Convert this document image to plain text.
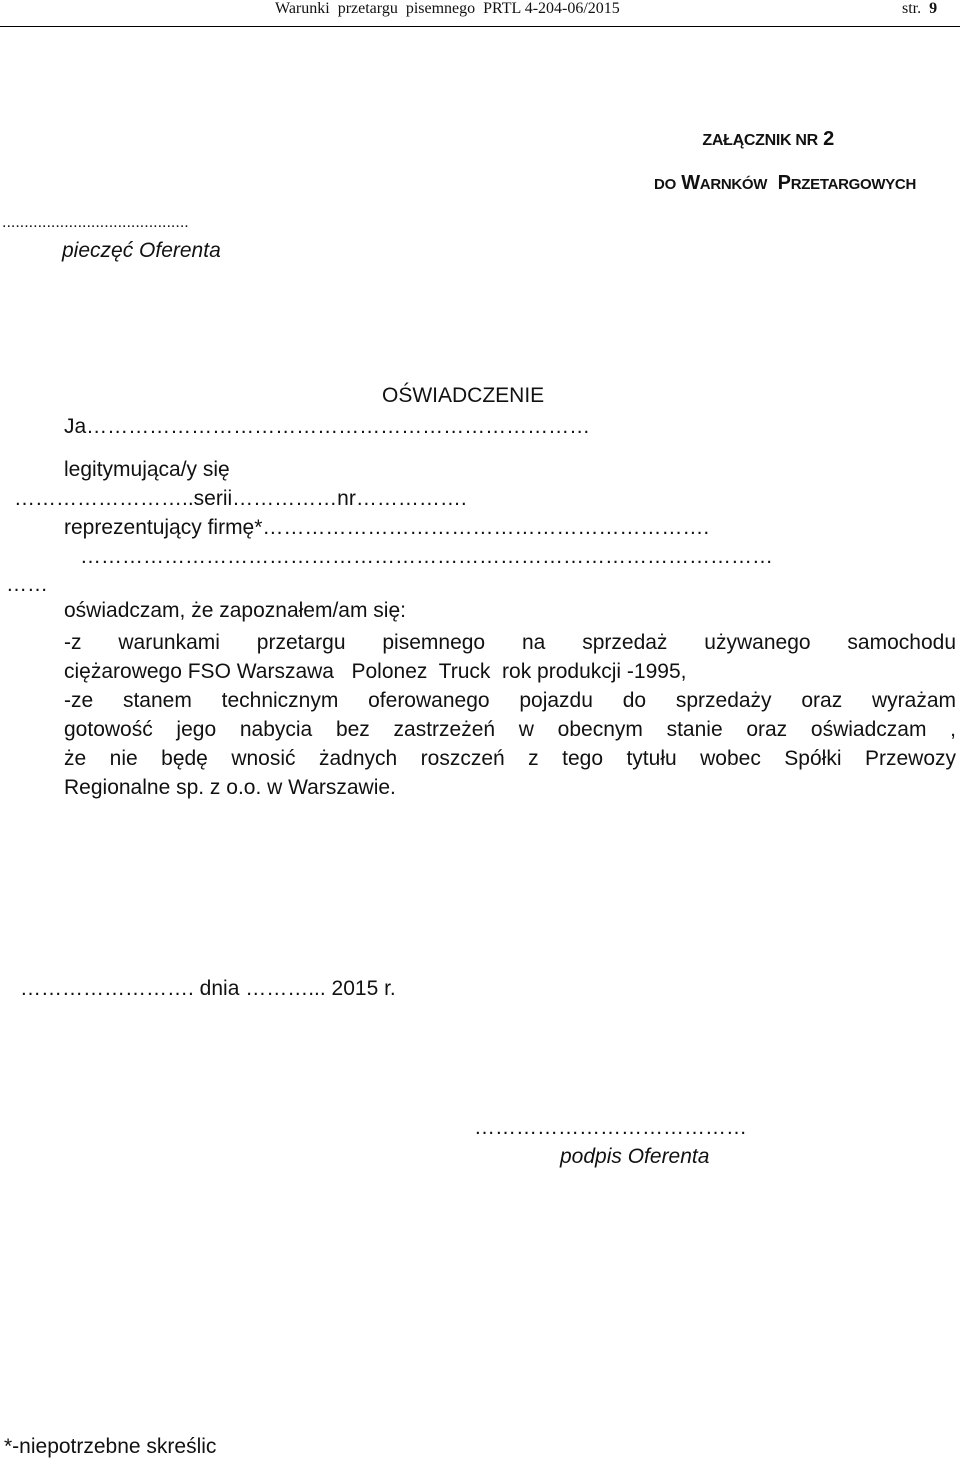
Warunki  przetargu  pisemnego  PRTL 4-204-06/2015	str. 9
ZAŁĄCZNIK NR 2
DO WARNKÓW  PRZETARGOWYCH
..........................................
pieczęć Oferenta
OŚWIADCZENIE
Ja………………………………………………………………
legitymująca/y się
……………………..serii……………nr…………….
reprezentujący firmę*……………………………………………………….
………………………………………………………………………………………
……
oświadczam, że zapoznałem/am się:
-z warunkami przetargu pisemnego na sprzedaż używanego samochodu
ciężarowego FSO Warszawa   Polonez  Truck  rok produkcji -1995,
-ze stanem technicznym oferowanego pojazdu do sprzedaży oraz wyrażam
gotowość jego nabycia bez zastrzeżeń w obecnym stanie oraz oświadczam ,
że nie będę wnosić żadnych roszczeń z tego tytułu wobec Spółki Przewozy
Regionalne sp. z o.o. w Warszawie.
……………………. dnia ………... 2015 r.
…………………………………
podpis Oferenta
*-niepotrzebne skreślic
